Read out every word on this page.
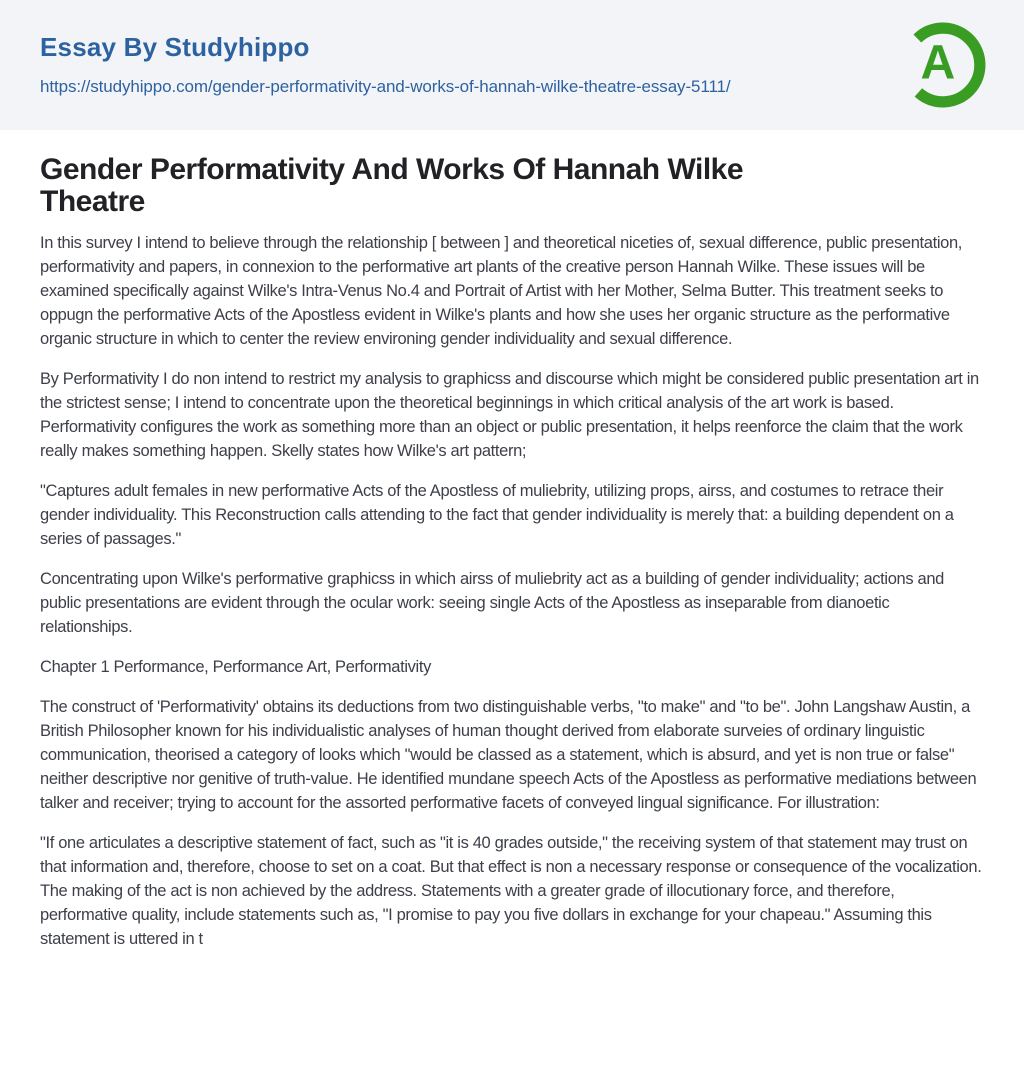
Essay By Studyhippo
https://studyhippo.com/gender-performativity-and-works-of-hannah-wilke-theatre-essay-5111/	A
Gender Performativity And Works Of Hannah Wilke Theatre

In this survey I intend to believe through the relationship [ between ] and theoretical niceties of, sexual difference, public presentation, performativity and papers, in connexion to the performative art plants of the creative person Hannah Wilke. These issues will be examined specifically against Wilke's Intra-Venus No.4 and Portrait of Artist with her Mother, Selma Butter. This treatment seeks to oppugn the performative Acts of the Apostless evident in Wilke's plants and how she uses her organic structure as the performative organic structure in which to center the review environing gender individuality and sexual difference.

By Performativity I do non intend to restrict my analysis to graphicss and discourse which might be considered public presentation art in the strictest sense; I intend to concentrate upon the theoretical beginnings in which critical analysis of the art work is based. Performativity configures the work as something more than an object or public presentation, it helps reenforce the claim that the work really makes something happen. Skelly states how Wilke's art pattern;

"Captures adult females in new performative Acts of the Apostless of muliebrity, utilizing props, airss, and costumes to retrace their gender individuality. This Reconstruction calls attending to the fact that gender individuality is merely that: a building dependent on a series of passages."

Concentrating upon Wilke's performative graphicss in which airss of muliebrity act as a building of gender individuality; actions and public presentations are evident through the ocular work: seeing single Acts of the Apostless as inseparable from dianoetic relationships.

Chapter 1 Performance, Performance Art, Performativity

The construct of 'Performativity' obtains its deductions from two distinguishable verbs, "to make" and "to be". John Langshaw Austin, a British Philosopher known for his individualistic analyses of human thought derived from elaborate surveies of ordinary linguistic communication, theorised a category of looks which "would be classed as a statement, which is absurd, and yet is non true or false" neither descriptive nor genitive of truth-value. He identified mundane speech Acts of the Apostless as performative mediations between talker and receiver; trying to account for the assorted performative facets of conveyed lingual significance. For illustration:

"If one articulates a descriptive statement of fact, such as "it is 40 grades outside," the receiving system of that statement may trust on that information and, therefore, choose to set on a coat. But that effect is non a necessary response or consequence of the vocalization. The making of the act is non achieved by the address. Statements with a greater grade of illocutionary force, and therefore, performative quality, include statements such as, "I promise to pay you five dollars in exchange for your chapeau." Assuming this statement is uttered in t
